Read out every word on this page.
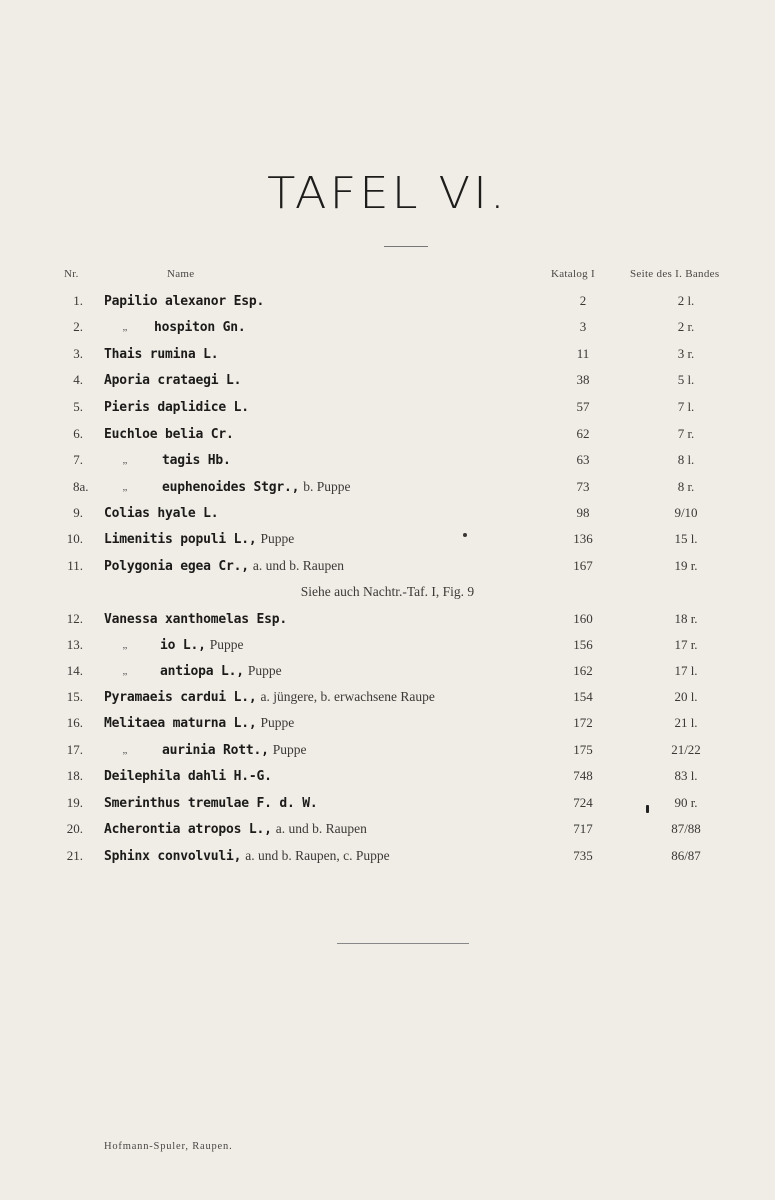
TAFEL VI.
Nr.	Name	Katalog I	Seite des I. Bandes
1. Papilio alexanor Esp.	2	2 l.
2.	„ hospiton Gn.	3	2 r.
3. Thais rumina L.	11	3 r.
4. Aporia crataegi L.	38	5 l.
5. Pieris daplidice L.	57	7 l.
6. Euchloe belia Cr.	62	7 r.
7.	„	tagis Hb.	63	8 l.
8a.	„	euphenoides Stgr., b. Puppe	73	8 r.
9. Colias hyale L.	98	9/10
10. Limenitis populi L., Puppe	136	15 l.
11. Polygonia egea Cr., a. und b. Raupen	167	19 r.
Siehe auch Nachtr.-Taf. I, Fig. 9
12. Vanessa xanthomelas Esp.	160	18 r.
13.	„	io L., Puppe	156	17 r.
14.	„	antiopa L., Puppe	162	17 l.
15. Pyramaeis cardui L., a. jüngere, b. erwachsene Raupe	154	20 l.
16. Melitaea maturna L., Puppe	172	21 l.
17.	„	aurinia Rott., Puppe	175	21/22
18. Deilephila dahli H.-G.	748	83 l.
19. Smerinthus tremulae F. d. W.	724	90 r.
20. Acherontia atropos L., a. und b. Raupen	717	87/88
21. Sphinx convolvuli, a. und b. Raupen, c. Puppe	735	86/87
Hofmann-Spuler, Raupen.
